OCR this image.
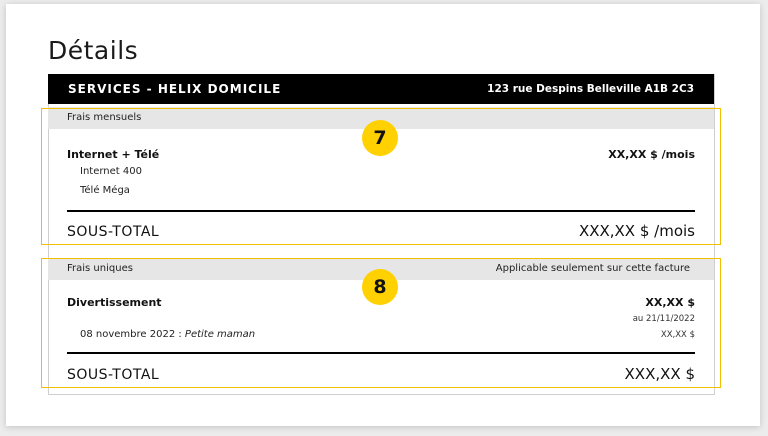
Détails
SERVICES - HELIX DOMICILE	123 rue Despins Belleville A1B 2C3
Frais mensuels
Internet + Télé	XX,XX $ /mois
Internet 400
Télé Méga
SOUS-TOTAL	XXX,XX $ /mois
Frais uniques	Applicable seulement sur cette facture
Divertissement	XX,XX $
au 21/11/2022
08 novembre 2022 : Petite maman	XX,XX $
SOUS-TOTAL	XXX,XX $
7
8
